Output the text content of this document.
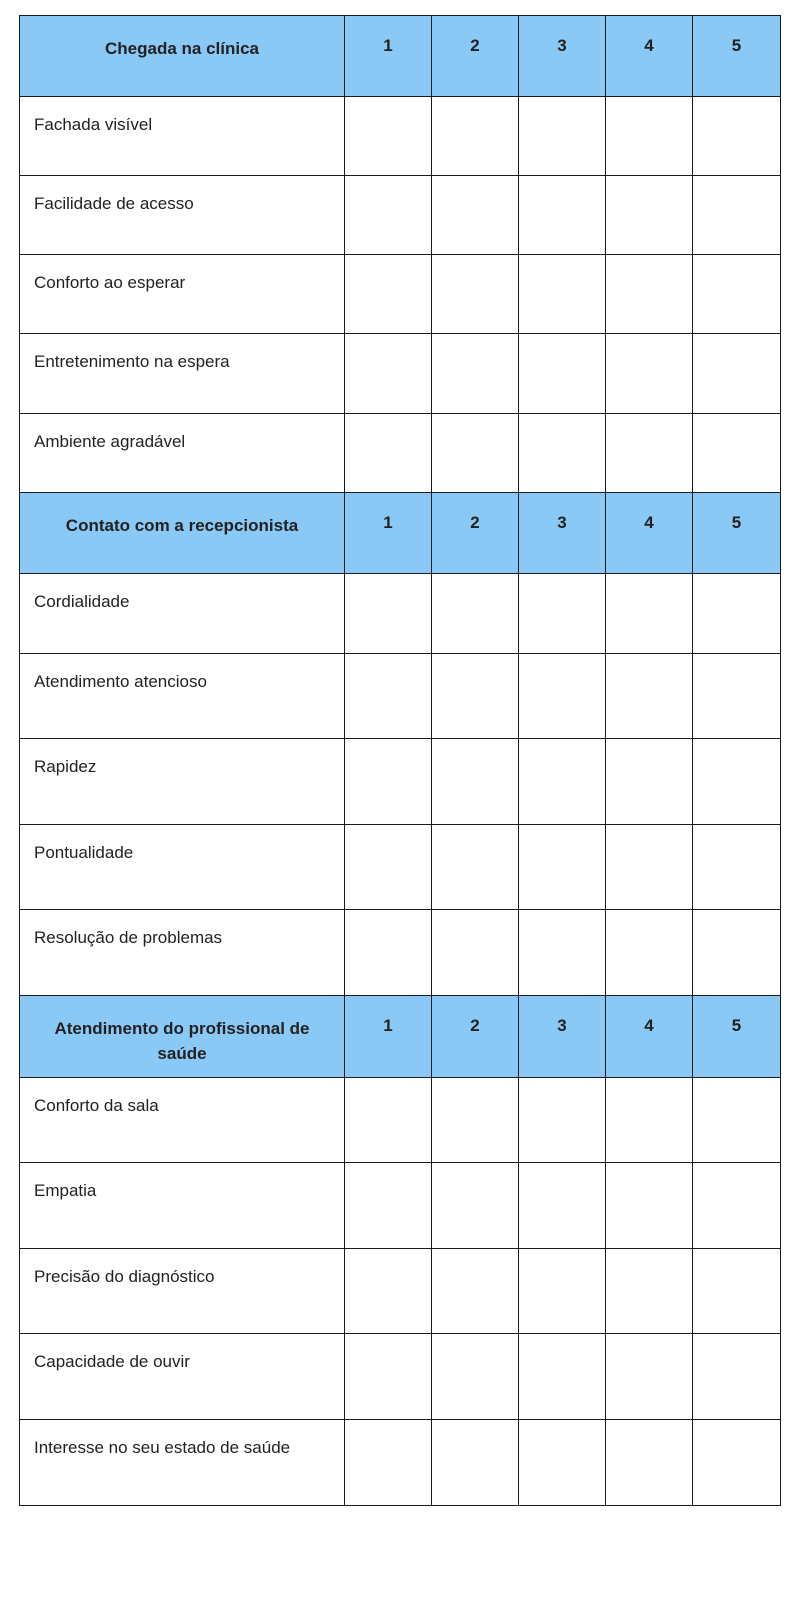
Chegada na clínica	1	2	3	4	5
Fachada visível					
Facilidade de acesso					
Conforto ao esperar					
Entretenimento na espera					
Ambiente agradável					
Contato com a recepcionista	1	2	3	4	5
Cordialidade					
Atendimento atencioso					
Rapidez					
Pontualidade					
Resolução de problemas					
Atendimento do profissional de saúde	1	2	3	4	5
Conforto da sala					
Empatia					
Precisão do diagnóstico					
Capacidade de ouvir					
Interesse no seu estado de saúde					
